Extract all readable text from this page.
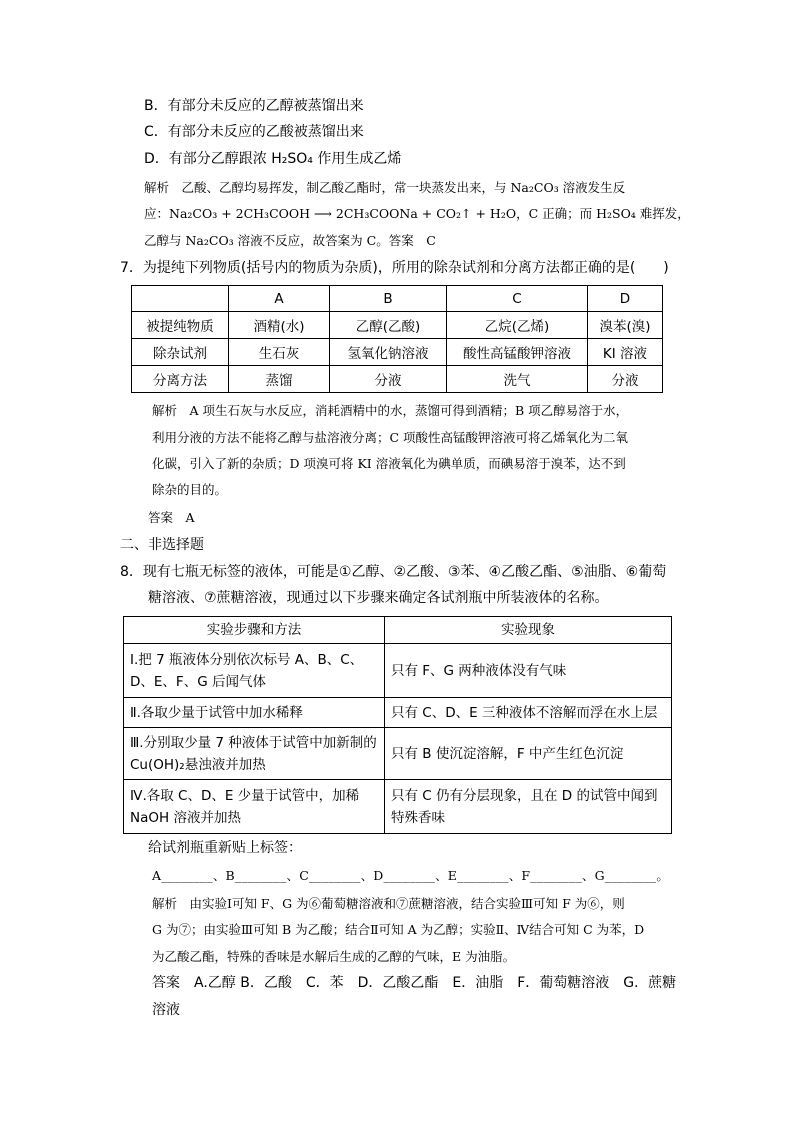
B．有部分未反应的乙醇被蒸馏出来
C．有部分未反应的乙酸被蒸馏出来
D．有部分乙醇跟浓 H₂SO₄ 作用生成乙烯
解析　乙酸、乙醇均易挥发，制乙酸乙酯时，常一块蒸发出来，与 Na₂CO₃ 溶液发生反
应：Na₂CO₃ + 2CH₃COOH ⟶ 2CH₃COONa + CO₂↑ + H₂O，C 正确；而 H₂SO₄ 难挥发，
乙醇与 Na₂CO₃ 溶液不反应，故答案为 C。答案　C
7．为提纯下列物质(括号内的物质为杂质)，所用的除杂试剂和分离方法都正确的是(　　)
	A	B	C	D
被提纯物质	酒精(水)	乙醇(乙酸)	乙烷(乙烯)	溴苯(溴)
除杂试剂	生石灰	氢氧化钠溶液	酸性高锰酸钾溶液	KI 溶液
分离方法	蒸馏	分液	洗气	分液
解析　A 项生石灰与水反应，消耗酒精中的水，蒸馏可得到酒精；B 项乙醇易溶于水，
利用分液的方法不能将乙醇与盐溶液分离；C 项酸性高锰酸钾溶液可将乙烯氧化为二氧
化碳，引入了新的杂质；D 项溴可将 KI 溶液氧化为碘单质，而碘易溶于溴苯，达不到
除杂的目的。
答案　A
二、非选择题
8．现有七瓶无标签的液体，可能是①乙醇、②乙酸、③苯、④乙酸乙酯、⑤油脂、⑥葡萄
糖溶液、⑦蔗糖溶液，现通过以下步骤来确定各试剂瓶中所装液体的名称。
实验步骤和方法	实验现象
Ⅰ.把 7 瓶液体分别依次标号 A、B、C、D、E、F、G 后闻气体	只有 F、G 两种液体没有气味
Ⅱ.各取少量于试管中加水稀释	只有 C、D、E 三种液体不溶解而浮在水上层
Ⅲ.分别取少量 7 种液体于试管中加新制的 Cu(OH)₂悬浊液并加热	只有 B 使沉淀溶解，F 中产生红色沉淀
Ⅳ.各取 C、D、E 少量于试管中，加稀 NaOH 溶液并加热	只有 C 仍有分层现象，且在 D 的试管中闻到特殊香味
给试剂瓶重新贴上标签：
A________、B________、C________、D________、E________、F________、G________。
解析　由实验Ⅰ可知 F、G 为⑥葡萄糖溶液和⑦蔗糖溶液，结合实验Ⅲ可知 F 为⑥，则
G 为⑦；由实验Ⅲ可知 B 为乙酸；结合Ⅱ可知 A 为乙醇；实验Ⅱ、Ⅳ结合可知 C 为苯，D
为乙酸乙酯，特殊的香味是水解后生成的乙醇的气味，E 为油脂。
答案　A.乙醇 B．乙酸　C．苯　D．乙酸乙酯　E．油脂　F．葡萄糖溶液　G．蔗糖
溶液
